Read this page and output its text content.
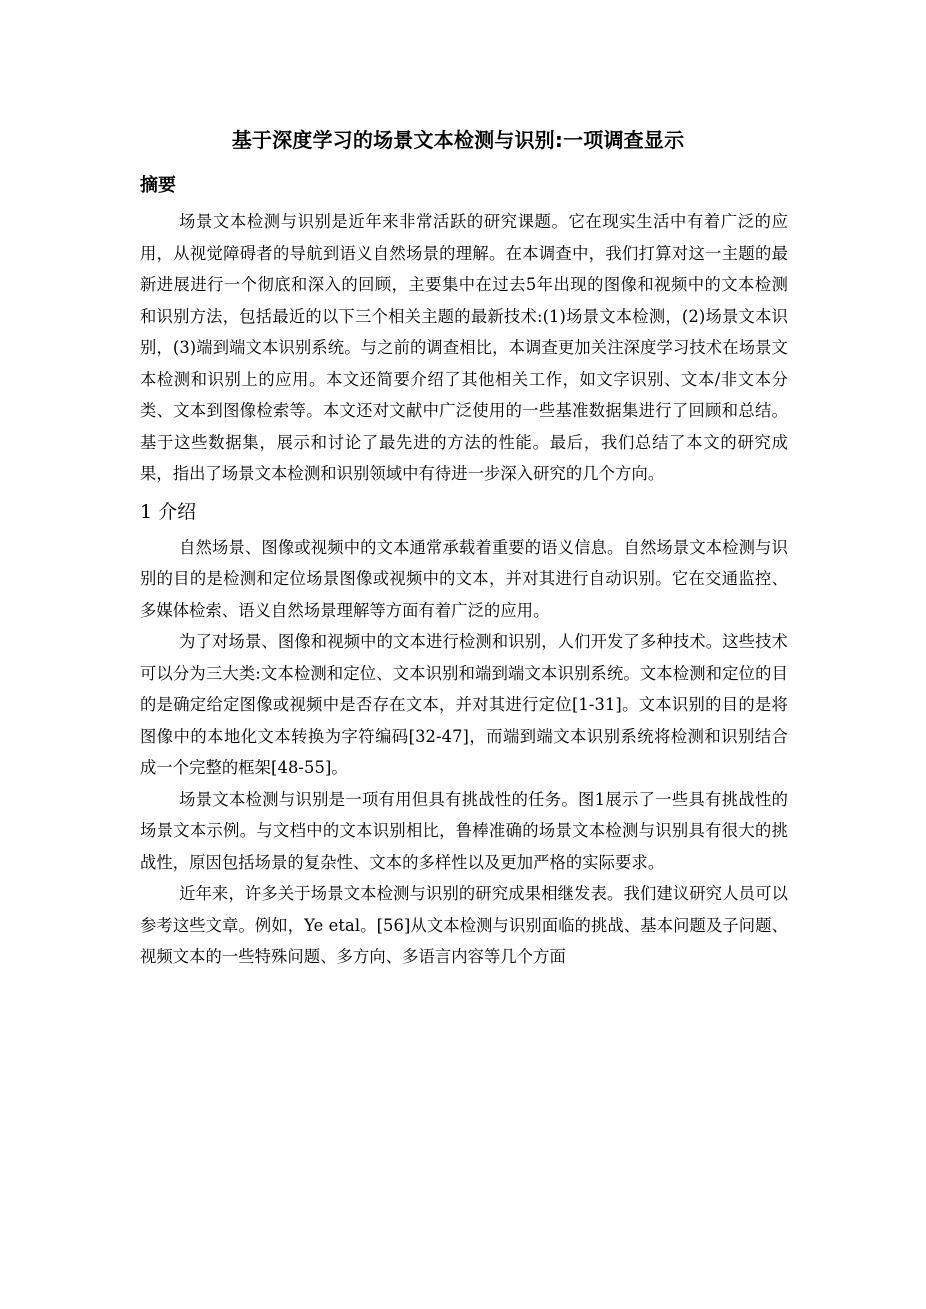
基于深度学习的场景文本检测与识别:一项调查显示
摘要

场景文本检测与识别是近年来非常活跃的研究课题。它在现实生活中有着广泛的应用，从视觉障碍者的导航到语义自然场景的理解。在本调查中，我们打算对这一主题的最新进展进行一个彻底和深入的回顾，主要集中在过去5年出现的图像和视频中的文本检测和识别方法，包括最近的以下三个相关主题的最新技术:(1)场景文本检测，(2)场景文本识别，(3)端到端文本识别系统。与之前的调查相比，本调查更加关注深度学习技术在场景文本检测和识别上的应用。本文还简要介绍了其他相关工作，如文字识别、文本/非文本分类、文本到图像检索等。本文还对文献中广泛使用的一些基准数据集进行了回顾和总结。基于这些数据集，展示和讨论了最先进的方法的性能。最后，我们总结了本文的研究成果，指出了场景文本检测和识别领域中有待进一步深入研究的几个方向。

1 介绍

自然场景、图像或视频中的文本通常承载着重要的语义信息。自然场景文本检测与识别的目的是检测和定位场景图像或视频中的文本，并对其进行自动识别。它在交通监控、多媒体检索、语义自然场景理解等方面有着广泛的应用。

为了对场景、图像和视频中的文本进行检测和识别，人们开发了多种技术。这些技术可以分为三大类:文本检测和定位、文本识别和端到端文本识别系统。文本检测和定位的目的是确定给定图像或视频中是否存在文本，并对其进行定位[1-31]。文本识别的目的是将图像中的本地化文本转换为字符编码[32-47]，而端到端文本识别系统将检测和识别结合成一个完整的框架[48-55]。

场景文本检测与识别是一项有用但具有挑战性的任务。图1展示了一些具有挑战性的场景文本示例。与文档中的文本识别相比，鲁棒准确的场景文本检测与识别具有很大的挑战性，原因包括场景的复杂性、文本的多样性以及更加严格的实际要求。

近年来，许多关于场景文本检测与识别的研究成果相继发表。我们建议研究人员可以参考这些文章。例如，Ye etal。[56]从文本检测与识别面临的挑战、基本问题及子问题、视频文本的一些特殊问题、多方向、多语言内容等几个方面
